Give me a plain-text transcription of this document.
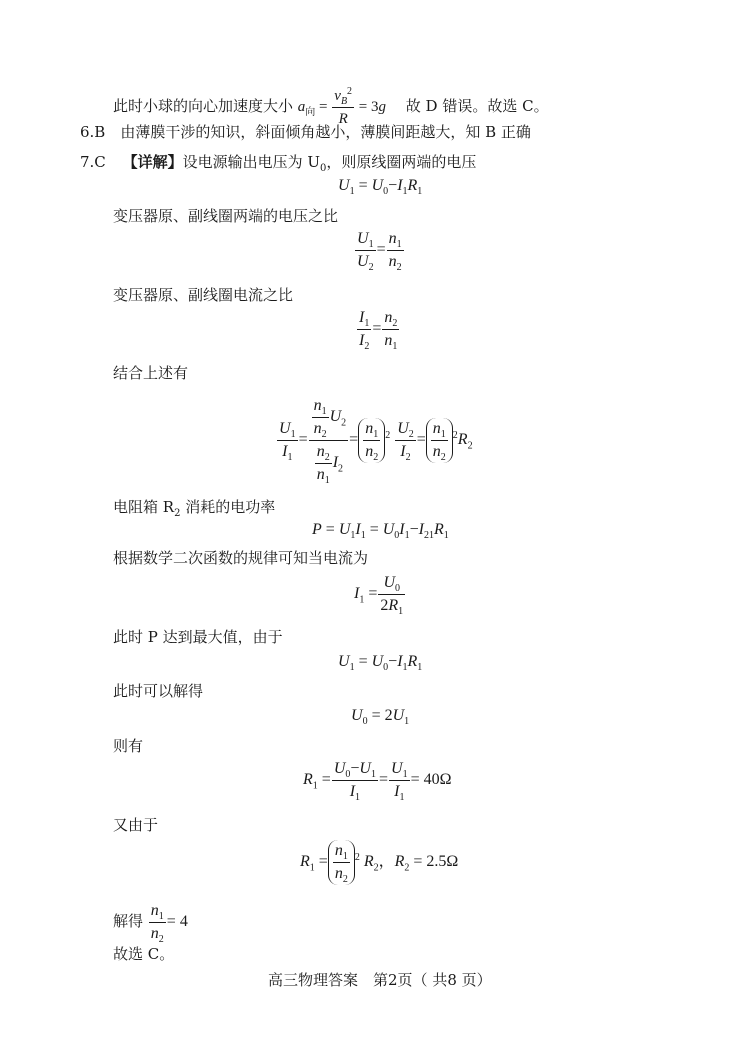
此时小球的向心加速度大小 $a_向 = \frac{v_B^2}{R} = 3g$ 故 D 错误。故选 C。
6.B　由薄膜干涉的知识，斜面倾角越小，薄膜间距越大，知 B 正确
7.C 【详解】设电源输出电压为 $U_0$，则原线圈两端的电压
$U_1 = U_0-I_1R_1$
变压器原、副线圈两端的电压之比
$\frac{U_1}{U_2} = \frac{n_1}{n_2}$
变压器原、副线圈电流之比
$\frac{I_1}{I_2} = \frac{n_2}{n_1}$
结合上述有
$\frac{U_1}{I_1} = \frac{\frac{n_1}{n_2} U_2}{\frac{n_2}{n_1} I_2} = \frac{n_1}{n_2} ^2 \frac{U_2}{I_2} = \frac{n_1}{n_2} ^2R_2$
电阻箱 $R_2$ 消耗的电功率
$P = U_1I_1 = U_0I_1-I_{21}R_1$
根据数学二次函数的规律可知当电流为
$I_1 = \frac{U_0}{2R_1}$
此时 P 达到最大值，由于
$U_1 = U_0-I_1R_1$
此时可以解得
$U_0 = 2U_1$
则有
$R_1 = \frac{U_0-U_1}{I_1} = \frac{U_1}{I_1} = 40\Omega$
又由于
$R_1 = \frac{n_1}{n_2} ^2$ $R_2$，$R_2 = 2.5\Omega$
解得 $\frac{n_1}{n_2} = 4$
故选 C。
高三物理答案　第2页（ 共8 页）
